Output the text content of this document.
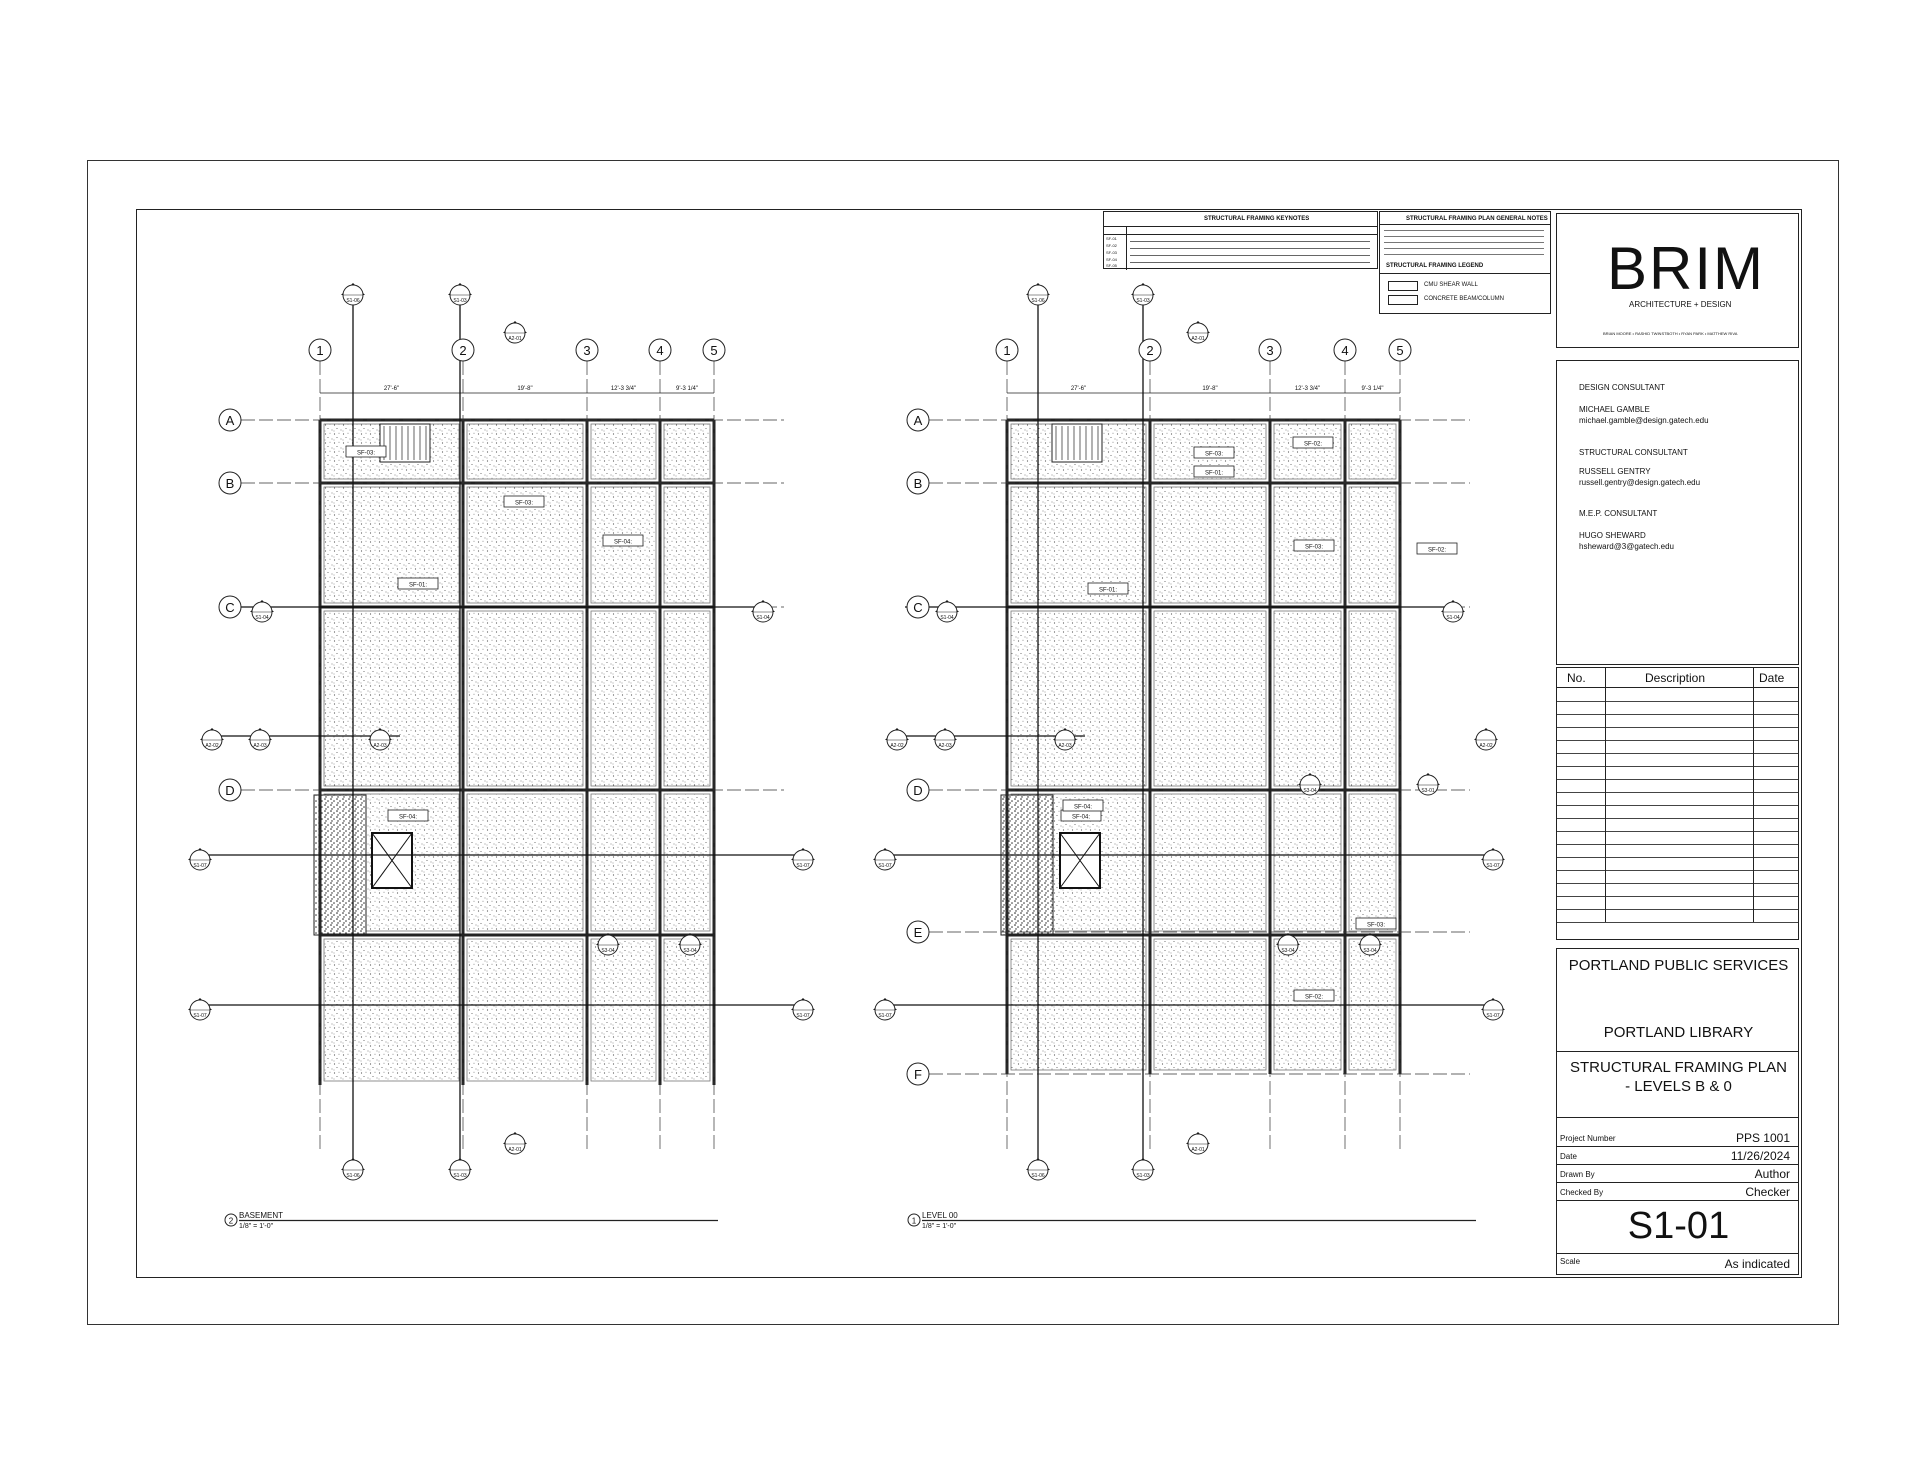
27'-6"	19'-8"	12'-3 3/4"	9'-3 1/4"
2
BASEMENT
1/8" = 1'-0"
1	2	3	4	5
A
B
C
D
S1-06	S1-03
S1-06	S1-03
S1-07	S1-07
S1-07	S1-07
S1-04	S1-04
A2-02	A2-03	A2-03
A2-01
A2-01
S3-04	S3-04
SF-03:
SF-03:
SF-01:
SF-04:
SF-04:
27'-6"	19'-8"	12'-3 3/4"	9'-3 1/4"
1
LEVEL 00
1/8" = 1'-0"
1	2	3	4	5
A
B
C
D
E
F
S1-06	S1-03
S1-06	S1-03
S1-07	S1-07
S1-07	S1-07
S1-04	S1-04
A2-02	A2-03	A2-03
A2-01
A2-01
A2-02
S3-04	S3-01
S3-04	S3-04
SF-02:
SF-03:
SF-01:
SF-03:
SF-01:
SF-04:
SF-02:
SF-04:
SF-03:
SF-02:
STRUCTURAL FRAMING KEYNOTES
SF-01
SF-02
SF-03
SF-04
SF-05
STRUCTURAL FRAMING PLAN GENERAL NOTES
STRUCTURAL FRAMING LEGEND
CMU SHEAR WALL
CONCRETE BEAM/COLUMN BRIM
ARCHITECTURE + DESIGN
BRIAN MOORE • RASHID TWINSTBOTH • RYAN PARK • MATTHEW RIVA
DESIGN CONSULTANT
MICHAEL GAMBLE
michael.gamble@design.gatech.edu
STRUCTURAL CONSULTANT
RUSSELL GENTRY
russell.gentry@design.gatech.edu
M.E.P. CONSULTANT
HUGO SHEWARD
hsheward@3@gatech.edu
No.	Description	Date
PORTLAND PUBLIC SERVICES
PORTLAND LIBRARY
STRUCTURAL FRAMING PLAN - LEVELS B & 0
Project Number	PPS 1001
Date	11/26/2024
Drawn By	Author
Checked By	Checker
S1-01
Scale	As indicated
